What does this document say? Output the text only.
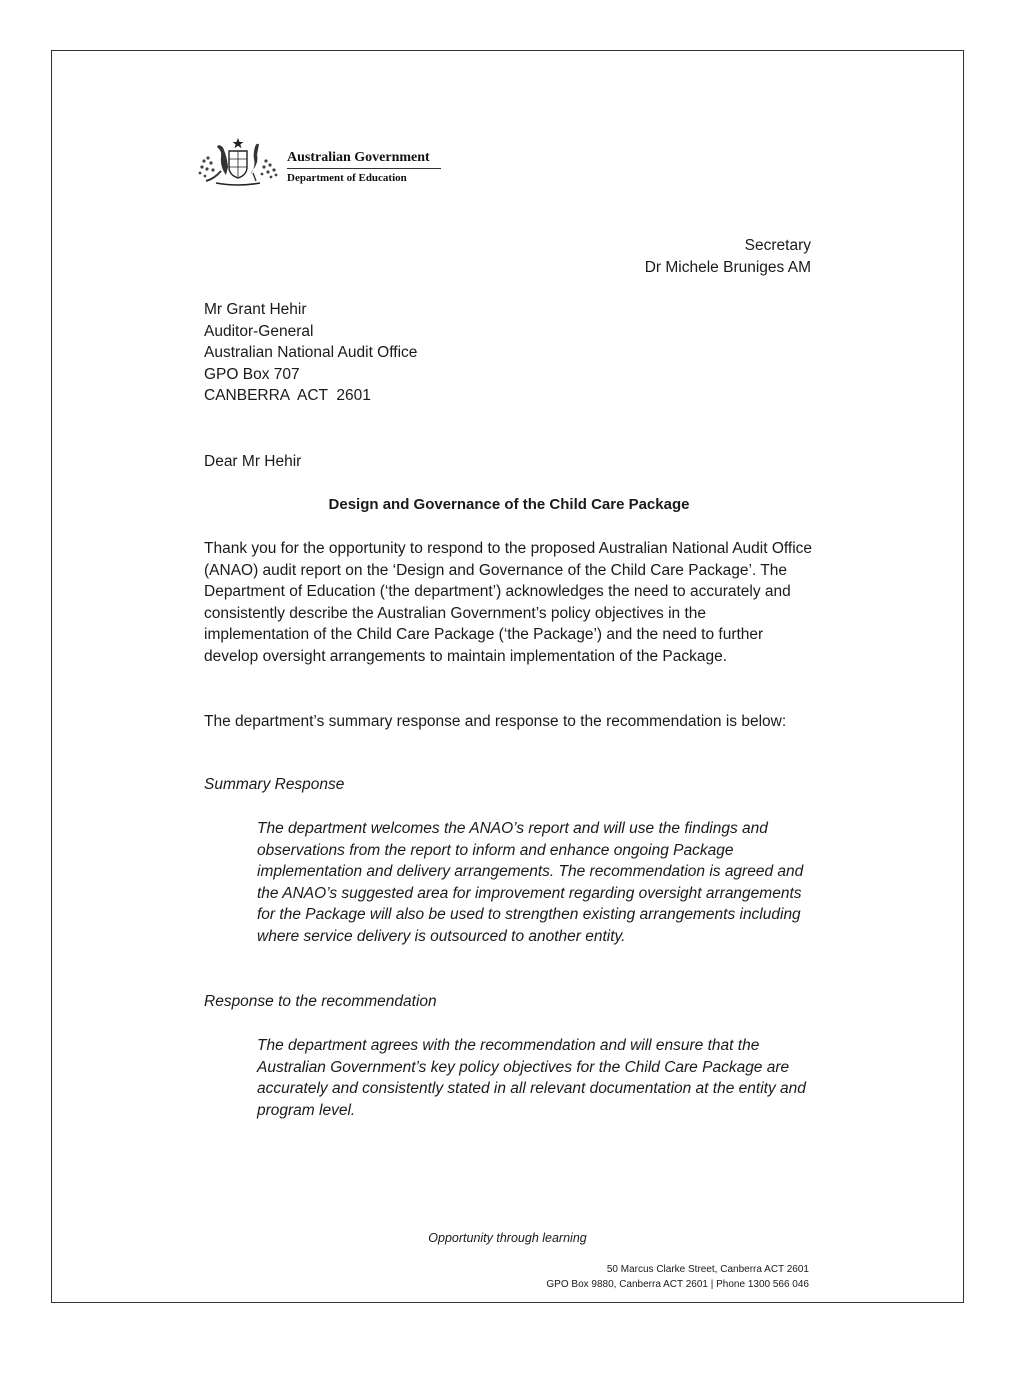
Australian Government
Department of Education
Secretary
Dr Michele Bruniges AM
Mr Grant Hehir
Auditor-General
Australian National Audit Office
GPO Box 707
CANBERRA  ACT  2601
Dear Mr Hehir
Design and Governance of the Child Care Package
Thank you for the opportunity to respond to the proposed Australian National Audit Office (ANAO) audit report on the ‘Design and Governance of the Child Care Package’. The Department of Education (‘the department’) acknowledges the need to accurately and consistently describe the Australian Government’s policy objectives in the implementation of the Child Care Package (‘the Package’) and the need to further develop oversight arrangements to maintain implementation of the Package.
The department’s summary response and response to the recommendation is below:
Summary Response
The department welcomes the ANAO’s report and will use the findings and observations from the report to inform and enhance ongoing Package implementation and delivery arrangements. The recommendation is agreed and the ANAO’s suggested area for improvement regarding oversight arrangements for the Package will also be used to strengthen existing arrangements including where service delivery is outsourced to another entity.
Response to the recommendation
The department agrees with the recommendation and will ensure that the Australian Government’s key policy objectives for the Child Care Package are accurately and consistently stated in all relevant documentation at the entity and program level.
Opportunity through learning
50 Marcus Clarke Street, Canberra ACT 2601
GPO Box 9880, Canberra ACT 2601 | Phone 1300 566 046
